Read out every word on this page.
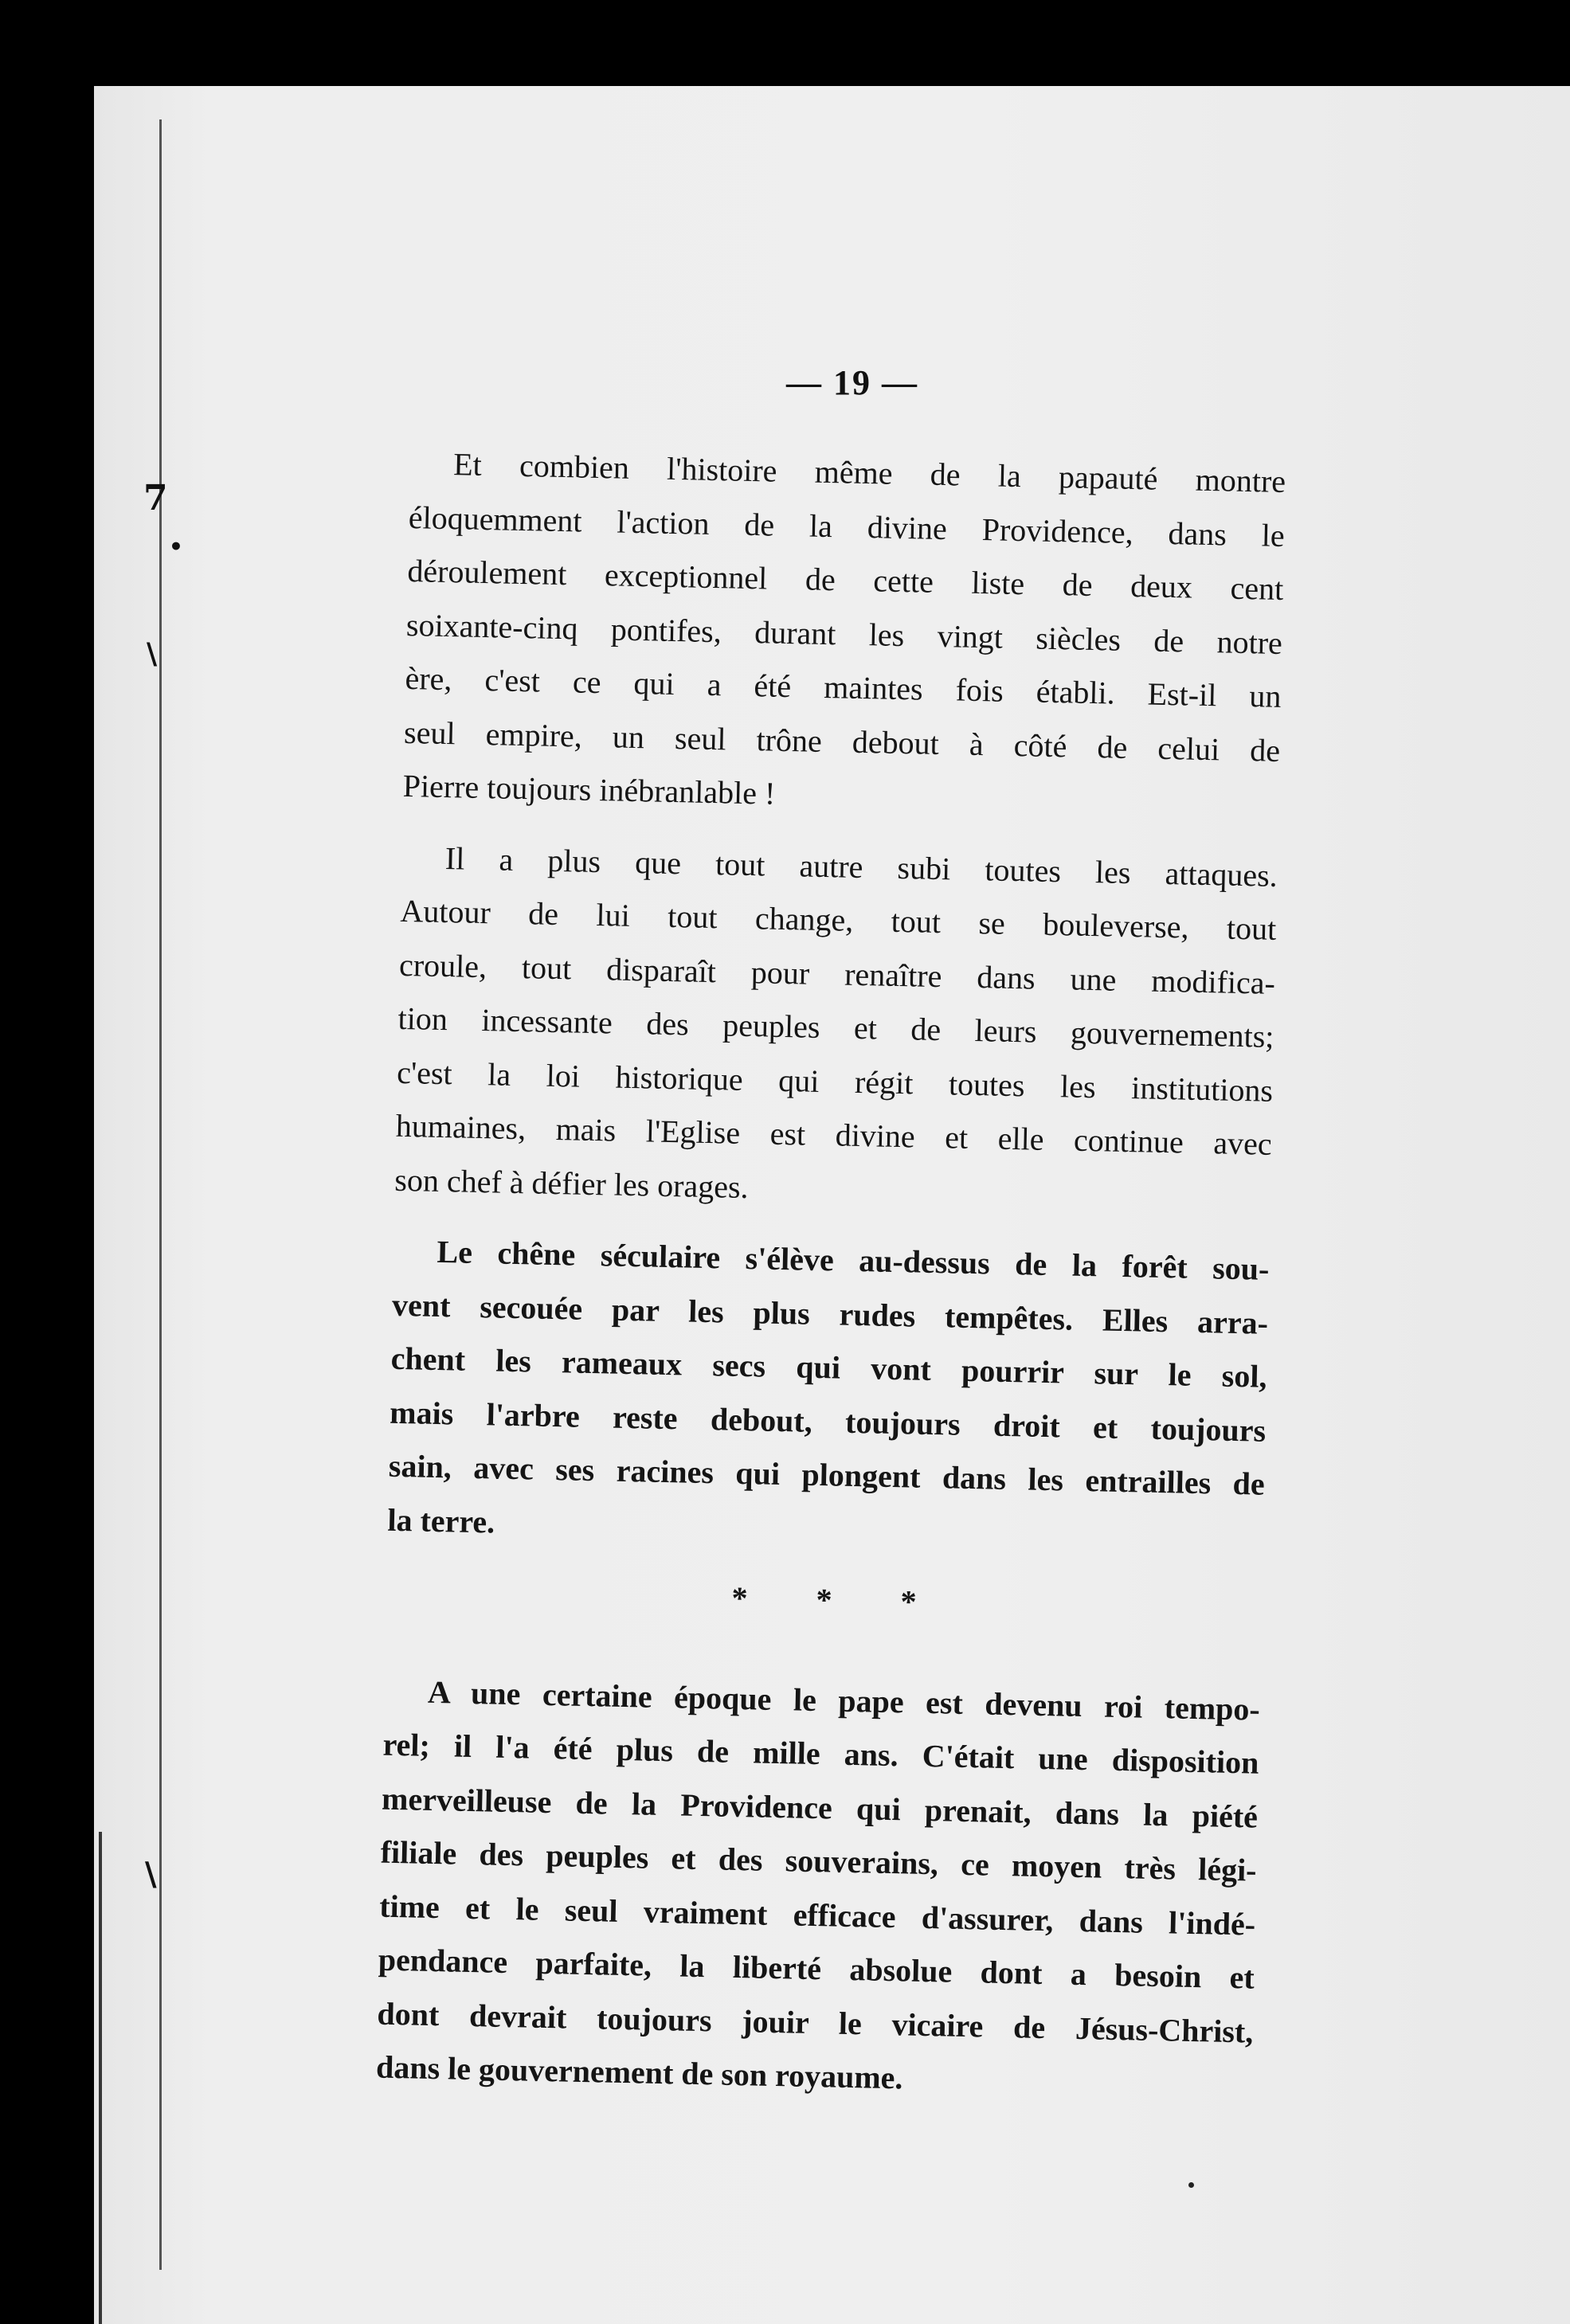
7
•
\
\
— 19 —
Et combien l'histoire même de la papauté montre
éloquemment l'action de la divine Providence, dans le
déroulement exceptionnel de cette liste de deux cent
soixante-cinq pontifes, durant les vingt siècles de notre
ère, c'est ce qui a été maintes fois établi. Est-il un
seul empire, un seul trône debout à côté de celui de
Pierre toujours inébranlable !
Il a plus que tout autre subi toutes les attaques.
Autour de lui tout change, tout se bouleverse, tout
croule, tout disparaît pour renaître dans une modifica-
tion incessante des peuples et de leurs gouvernements;
c'est la loi historique qui régit toutes les institutions
humaines, mais l'Eglise est divine et elle continue avec
son chef à défier les orages.
Le chêne séculaire s'élève au-dessus de la forêt sou-
vent secouée par les plus rudes tempêtes. Elles arra-
chent les rameaux secs qui vont pourrir sur le sol,
mais l'arbre reste debout, toujours droit et toujours
sain, avec ses racines qui plongent dans les entrailles de
la terre.
* * *
A une certaine époque le pape est devenu roi tempo-
rel; il l'a été plus de mille ans. C'était une disposition
merveilleuse de la Providence qui prenait, dans la piété
filiale des peuples et des souverains, ce moyen très légi-
time et le seul vraiment efficace d'assurer, dans l'indé-
pendance parfaite, la liberté absolue dont a besoin et
dont devrait toujours jouir le vicaire de Jésus-Christ,
dans le gouvernement de son royaume.
